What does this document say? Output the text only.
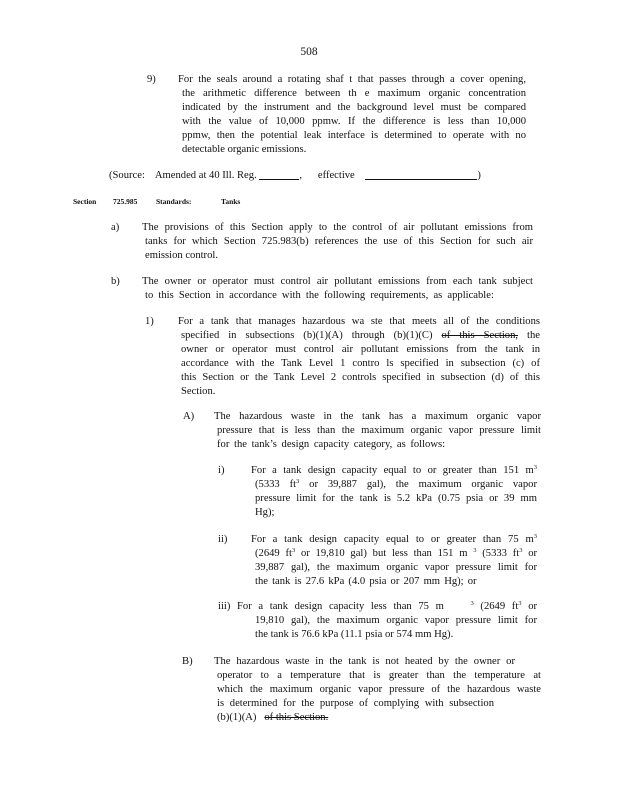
508
9) For the seals around a rotating shaf t that passes through a cover opening,
the arithmetic difference between th e maximum organic concentration
indicated by the instrument and the background level must be compared
with the value of 10,000 ppmw. If the difference is less than 10,000
ppmw, then the potential leak interface is determined to operate with no
detectable organic emissions.
(Source: Amended at 40 Ill. Reg.	, effective	)
Section 725.985 Standards:	Tanks
a) The provisions of this Section apply to the control of air pollutant emissions from
tanks for which Section 725.983(b) references the use of this Section for such air
emission control.
b) The owner or operator must control air pollutant emissions from each tank subject
to this Section in accordance with the following requirements, as applicable:
1) For a tank that manages hazardous wa ste that meets all of the conditions
specified in subsections (b)(1)(A) through (b)(1)(C) of this Section, the
owner or operator must control air pollutant emissions from the tank in
accordance with the Tank Level 1 contro ls specified in subsection (c) of
this Section or the Tank Level 2 controls specified in subsection (d) of this
Section.
A) The hazardous waste in the tank has a maximum organic vapor
pressure that is less than the maximum organic vapor pressure limit
for the tank’s design capacity category, as follows:
i)	For a tank design capacity equal to or greater than 151 $m^3$
(5333 $ft^3$ or 39,887 gal), the maximum organic vapor
pressure limit for the tank is 5.2 kPa (0.75 psia or 39 mm
Hg);
ii) For a tank design capacity equal to or greater than 75 $m^3$
(2649 $ft^3$ or 19,810 gal) but less than 151 m $^3$ (5333 $ft^3$ or
39,887 gal), the maximum organic vapor pressure limit for
the tank is 27.6 kPa (4.0 psia or 207 mm Hg); or
iii) For a tank design capacity less than 75 m	$^3$ (2649 $ft^3$ or
19,810 gal), the maximum organic vapor pressure limit for
the tank is 76.6 kPa (11.1 psia or 574 mm Hg).
B) The hazardous waste in the tank is not heated by the owner or
operator to a temperature that is greater than the temperature at
which the maximum organic vapor pressure of the hazardous waste
is determined for the purpose of complying with subsection
(b)(1)(A) of this Section.
